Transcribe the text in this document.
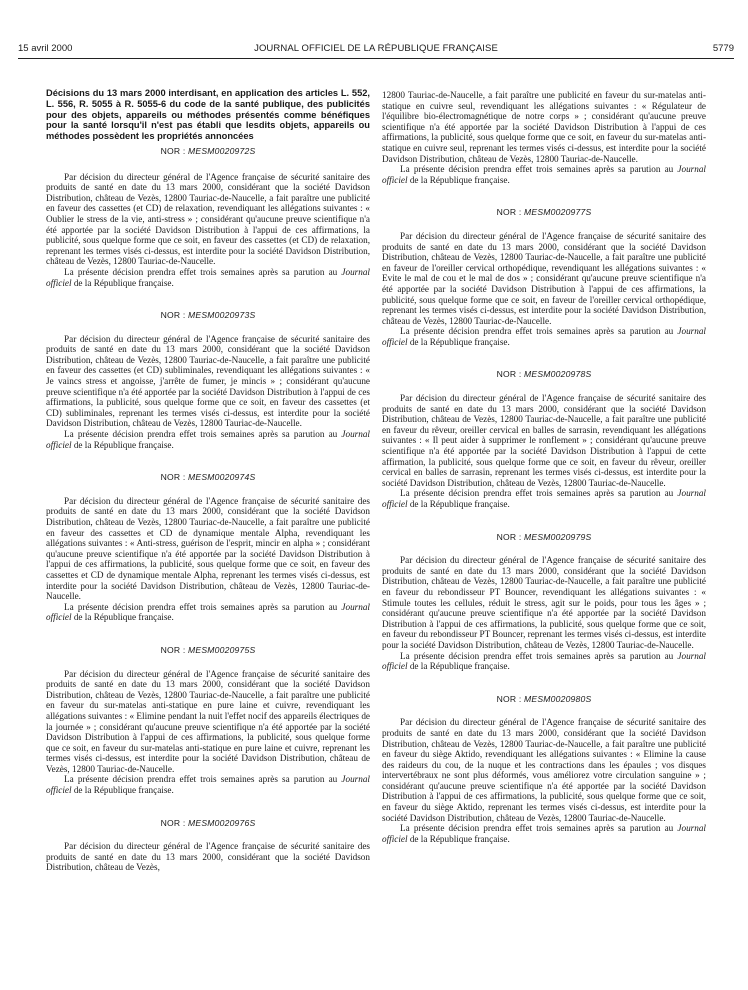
15 avril 2000	JOURNAL OFFICIEL DE LA RÉPUBLIQUE FRANÇAISE	5779
Décisions du 13 mars 2000 interdisant, en application des articles L. 552, L. 556, R. 5055 à R. 5055-6 du code de la santé publique, des publicités pour des objets, appareils ou méthodes présentés comme bénéfiques pour la santé lorsqu'il n'est pas établi que lesdits objets, appareils ou méthodes possèdent les propriétés annoncées
NOR : MESM0020972S

Par décision du directeur général de l'Agence française de sécurité sanitaire des produits de santé en date du 13 mars 2000, considérant que la société Davidson Distribution, château de Vezès, 12800 Tauriac-de-Naucelle, a fait paraître une publicité en faveur des cassettes (et CD) de relaxation, revendiquant les allégations suivantes : « Oublier le stress de la vie, anti-stress » ; considérant qu'aucune preuve scientifique n'a été apportée par la société Davidson Distribution à l'appui de ces affirmations, la publicité, sous quelque forme que ce soit, en faveur des cassettes (et CD) de relaxation, reprenant les termes visés ci-dessus, est interdite pour la société Davidson Distribution, château de Vezès, 12800 Tauriac-de-Naucelle.

La présente décision prendra effet trois semaines après sa parution au Journal officiel de la République française.

NOR : MESM0020973S

Par décision du directeur général de l'Agence française de sécurité sanitaire des produits de santé en date du 13 mars 2000, considérant que la société Davidson Distribution, château de Vezès, 12800 Tauriac-de-Naucelle, a fait paraître une publicité en faveur des cassettes (et CD) subliminales, revendiquant les allégations suivantes : « Je vaincs stress et angoisse, j'arrête de fumer, je mincis » ; considérant qu'aucune preuve scientifique n'a été apportée par la société Davidson Distribution à l'appui de ces affirmations, la publicité, sous quelque forme que ce soit, en faveur des cassettes (et CD) subliminales, reprenant les termes visés ci-dessus, est interdite pour la société Davidson Distribution, château de Vezès, 12800 Tauriac-de-Naucelle.

La présente décision prendra effet trois semaines après sa parution au Journal officiel de la République française.

NOR : MESM0020974S

Par décision du directeur général de l'Agence française de sécurité sanitaire des produits de santé en date du 13 mars 2000, considérant que la société Davidson Distribution, château de Vezès, 12800 Tauriac-de-Naucelle, a fait paraître une publicité en faveur des cassettes et CD de dynamique mentale Alpha, revendiquant les allégations suivantes : « Anti-stress, guérison de l'esprit, mincir en alpha » ; considérant qu'aucune preuve scientifique n'a été apportée par la société Davidson Distribution à l'appui de ces affirmations, la publicité, sous quelque forme que ce soit, en faveur des cassettes et CD de dynamique mentale Alpha, reprenant les termes visés ci-dessus, est interdite pour la société Davidson Distribution, château de Vezès, 12800 Tauriac-de-Naucelle.

La présente décision prendra effet trois semaines après sa parution au Journal officiel de la République française.

NOR : MESM0020975S

Par décision du directeur général de l'Agence française de sécurité sanitaire des produits de santé en date du 13 mars 2000, considérant que la société Davidson Distribution, château de Vezès, 12800 Tauriac-de-Naucelle, a fait paraître une publicité en faveur du sur-matelas anti-statique en pure laine et cuivre, revendiquant les allégations suivantes : « Elimine pendant la nuit l'effet nocif des appareils électriques de la journée » ; considérant qu'aucune preuve scientifique n'a été apportée par la société Davidson Distribution à l'appui de ces affirmations, la publicité, sous quelque forme que ce soit, en faveur du sur-matelas anti-statique en pure laine et cuivre, reprenant les termes visés ci-dessus, est interdite pour la société Davidson Distribution, château de Vezès, 12800 Tauriac-de-Naucelle.

La présente décision prendra effet trois semaines après sa parution au Journal officiel de la République française.

NOR : MESM0020976S

Par décision du directeur général de l'Agence française de sécurité sanitaire des produits de santé en date du 13 mars 2000, considérant que la société Davidson Distribution, château de Vezès,

12800 Tauriac-de-Naucelle, a fait paraître une publicité en faveur du sur-matelas anti-statique en cuivre seul, revendiquant les allégations suivantes : « Régulateur de l'équilibre bio-électromagnétique de notre corps » ; considérant qu'aucune preuve scientifique n'a été apportée par la société Davidson Distribution à l'appui de ces affirmations, la publicité, sous quelque forme que ce soit, en faveur du sur-matelas anti-statique en cuivre seul, reprenant les termes visés ci-dessus, est interdite pour la société Davidson Distribution, château de Vezès, 12800 Tauriac-de-Naucelle.

La présente décision prendra effet trois semaines après sa parution au Journal officiel de la République française.

NOR : MESM0020977S

Par décision du directeur général de l'Agence française de sécurité sanitaire des produits de santé en date du 13 mars 2000, considérant que la société Davidson Distribution, château de Vezès, 12800 Tauriac-de-Naucelle, a fait paraître une publicité en faveur de l'oreiller cervical orthopédique, revendiquant les allégations suivantes : « Evite le mal de cou et le mal de dos » ; considérant qu'aucune preuve scientifique n'a été apportée par la société Davidson Distribution à l'appui de ces affirmations, la publicité, sous quelque forme que ce soit, en faveur de l'oreiller cervical orthopédique, reprenant les termes visés ci-dessus, est interdite pour la société Davidson Distribution, château de Vezès, 12800 Tauriac-de-Naucelle.

La présente décision prendra effet trois semaines après sa parution au Journal officiel de la République française.

NOR : MESM0020978S

Par décision du directeur général de l'Agence française de sécurité sanitaire des produits de santé en date du 13 mars 2000, considérant que la société Davidson Distribution, château de Vezès, 12800 Tauriac-de-Naucelle, a fait paraître une publicité en faveur du rêveur, oreiller cervical en balles de sarrasin, revendiquant les allégations suivantes : « Il peut aider à supprimer le ronflement » ; considérant qu'aucune preuve scientifique n'a été apportée par la société Davidson Distribution à l'appui de cette affirmation, la publicité, sous quelque forme que ce soit, en faveur du rêveur, oreiller cervical en balles de sarrasin, reprenant les termes visés ci-dessus, est interdite pour la société Davidson Distribution, château de Vezès, 12800 Tauriac-de-Naucelle.

La présente décision prendra effet trois semaines après sa parution au Journal officiel de la République française.

NOR : MESM0020979S

Par décision du directeur général de l'Agence française de sécurité sanitaire des produits de santé en date du 13 mars 2000, considérant que la société Davidson Distribution, château de Vezès, 12800 Tauriac-de-Naucelle, a fait paraître une publicité en faveur du rebondisseur PT Bouncer, revendiquant les allégations suivantes : « Stimule toutes les cellules, réduit le stress, agit sur le poids, pour tous les âges » ; considérant qu'aucune preuve scientifique n'a été apportée par la société Davidson Distribution à l'appui de ces affirmations, la publicité, sous quelque forme que ce soit, en faveur du rebondisseur PT Bouncer, reprenant les termes visés ci-dessus, est interdite pour la société Davidson Distribution, château de Vezès, 12800 Tauriac-de-Naucelle.

La présente décision prendra effet trois semaines après sa parution au Journal officiel de la République française.

NOR : MESM0020980S

Par décision du directeur général de l'Agence française de sécurité sanitaire des produits de santé en date du 13 mars 2000, considérant que la société Davidson Distribution, château de Vezès, 12800 Tauriac-de-Naucelle, a fait paraître une publicité en faveur du siège Aktido, revendiquant les allégations suivantes : « Elimine la cause des raideurs du cou, de la nuque et les contractions dans les épaules ; vos disques intervertébraux ne sont plus déformés, vous améliorez votre circulation sanguine » ; considérant qu'aucune preuve scientifique n'a été apportée par la société Davidson Distribution à l'appui de ces affirmations, la publicité, sous quelque forme que ce soit, en faveur du siège Aktido, reprenant les termes visés ci-dessus, est interdite pour la société Davidson Distribution, château de Vezès, 12800 Tauriac-de-Naucelle.

La présente décision prendra effet trois semaines après sa parution au Journal officiel de la République française.
